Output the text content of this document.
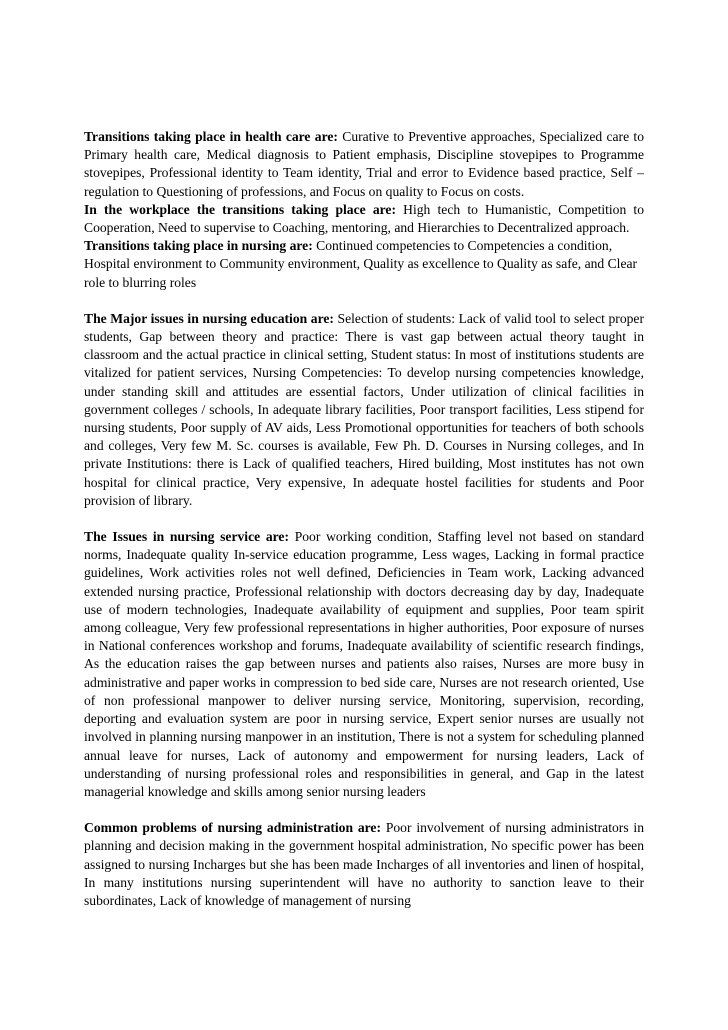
Transitions taking place in health care are: Curative to Preventive approaches, Specialized care to Primary health care, Medical diagnosis to Patient emphasis, Discipline stovepipes to Programme stovepipes, Professional identity to Team identity, Trial and error to Evidence based practice, Self – regulation to Questioning of professions, and Focus on quality to Focus on costs.

In the workplace the transitions taking place are: High tech to Humanistic, Competition to Cooperation, Need to supervise to Coaching, mentoring, and Hierarchies to Decentralized approach.

Transitions taking place in nursing are: Continued competencies to Competencies a condition, Hospital environment to Community environment, Quality as excellence to Quality as safe, and Clear role to blurring roles

The Major issues in nursing education are: Selection of students: Lack of valid tool to select proper students, Gap between theory and practice: There is vast gap between actual theory taught in classroom and the actual practice in clinical setting, Student status: In most of institutions students are vitalized for patient services, Nursing Competencies: To develop nursing competencies knowledge, under standing skill and attitudes are essential factors, Under utilization of clinical facilities in government colleges / schools, In adequate library facilities, Poor transport facilities, Less stipend for nursing students, Poor supply of AV aids, Less Promotional opportunities for teachers of both schools and colleges, Very few M. Sc. courses is available, Few Ph. D. Courses in Nursing colleges, and In private Institutions: there is Lack of qualified teachers, Hired building, Most institutes has not own hospital for clinical practice, Very expensive, In adequate hostel facilities for students and Poor provision of library.

The Issues in nursing service are: Poor working condition, Staffing level not based on standard norms, Inadequate quality In-service education programme, Less wages, Lacking in formal practice guidelines, Work activities roles not well defined, Deficiencies in Team work, Lacking advanced extended nursing practice, Professional relationship with doctors decreasing day by day, Inadequate use of modern technologies, Inadequate availability of equipment and supplies, Poor team spirit among colleague, Very few professional representations in higher authorities, Poor exposure of nurses in National conferences workshop and forums, Inadequate availability of scientific research findings, As the education raises the gap between nurses and patients also raises, Nurses are more busy in administrative and paper works in compression to bed side care, Nurses are not research oriented, Use of non professional manpower to deliver nursing service, Monitoring, supervision, recording, deporting and evaluation system are poor in nursing service, Expert senior nurses are usually not involved in planning nursing manpower in an institution, There is not a system for scheduling planned annual leave for nurses, Lack of autonomy and empowerment for nursing leaders, Lack of understanding of nursing professional roles and responsibilities in general, and Gap in the latest managerial knowledge and skills among senior nursing leaders

Common problems of nursing administration are: Poor involvement of nursing administrators in planning and decision making in the government hospital administration, No specific power has been assigned to nursing Incharges but she has been made Incharges of all inventories and linen of hospital, In many institutions nursing superintendent will have no authority to sanction leave to their subordinates, Lack of knowledge of management of nursing
